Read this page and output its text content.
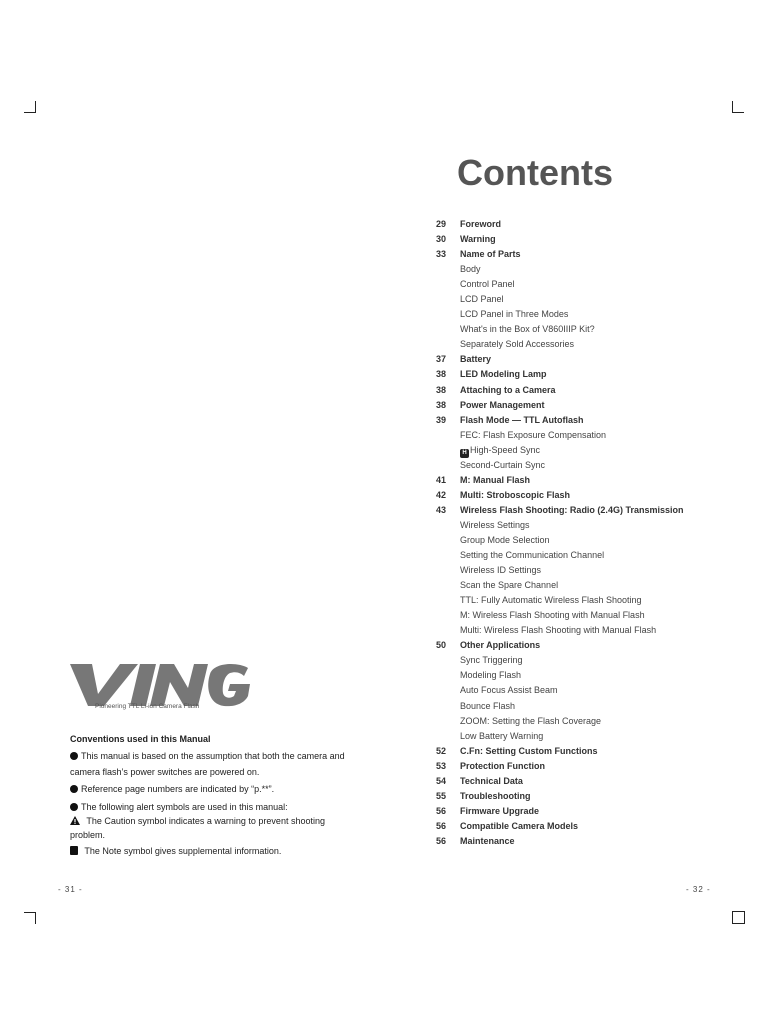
Contents
29 Foreword
30 Warning
33 Name of Parts
Body
Control Panel
LCD Panel
LCD Panel in Three Modes
What's in the Box of V860IIIP Kit?
Separately Sold Accessories
37 Battery
38 LED Modeling Lamp
38 Attaching to a Camera
38 Power Management
39 Flash Mode — TTL Autoflash
FEC: Flash Exposure Compensation
H High-Speed Sync
Second-Curtain Sync
41 M: Manual Flash
42 Multi: Stroboscopic Flash
43 Wireless Flash Shooting: Radio (2.4G) Transmission
Wireless Settings
Group Mode Selection
Setting the Communication Channel
Wireless ID Settings
Scan the Spare Channel
TTL: Fully Automatic Wireless Flash Shooting
M: Wireless Flash Shooting with Manual Flash
Multi: Wireless Flash Shooting with Manual Flash
50 Other Applications
Sync Triggering
Modeling Flash
Auto Focus Assist Beam
Bounce Flash
ZOOM: Setting the Flash Coverage
Low Battery Warning
52 C.Fn: Setting Custom Functions
53 Protection Function
54 Technical Data
55 Troubleshooting
56 Firmware Upgrade
56 Compatible Camera Models
56 Maintenance
Pioneering TTL Li-ion Camera Flash
Conventions used in this Manual
This manual is based on the assumption that both the camera and camera flash’s power switches are powered on.
Reference page numbers are indicated by “p.**”.
The following alert symbols are used in this manual:
The Caution symbol indicates a warning to prevent shooting problem.
The Note symbol gives supplemental information.
- 31 -	- 32 -
